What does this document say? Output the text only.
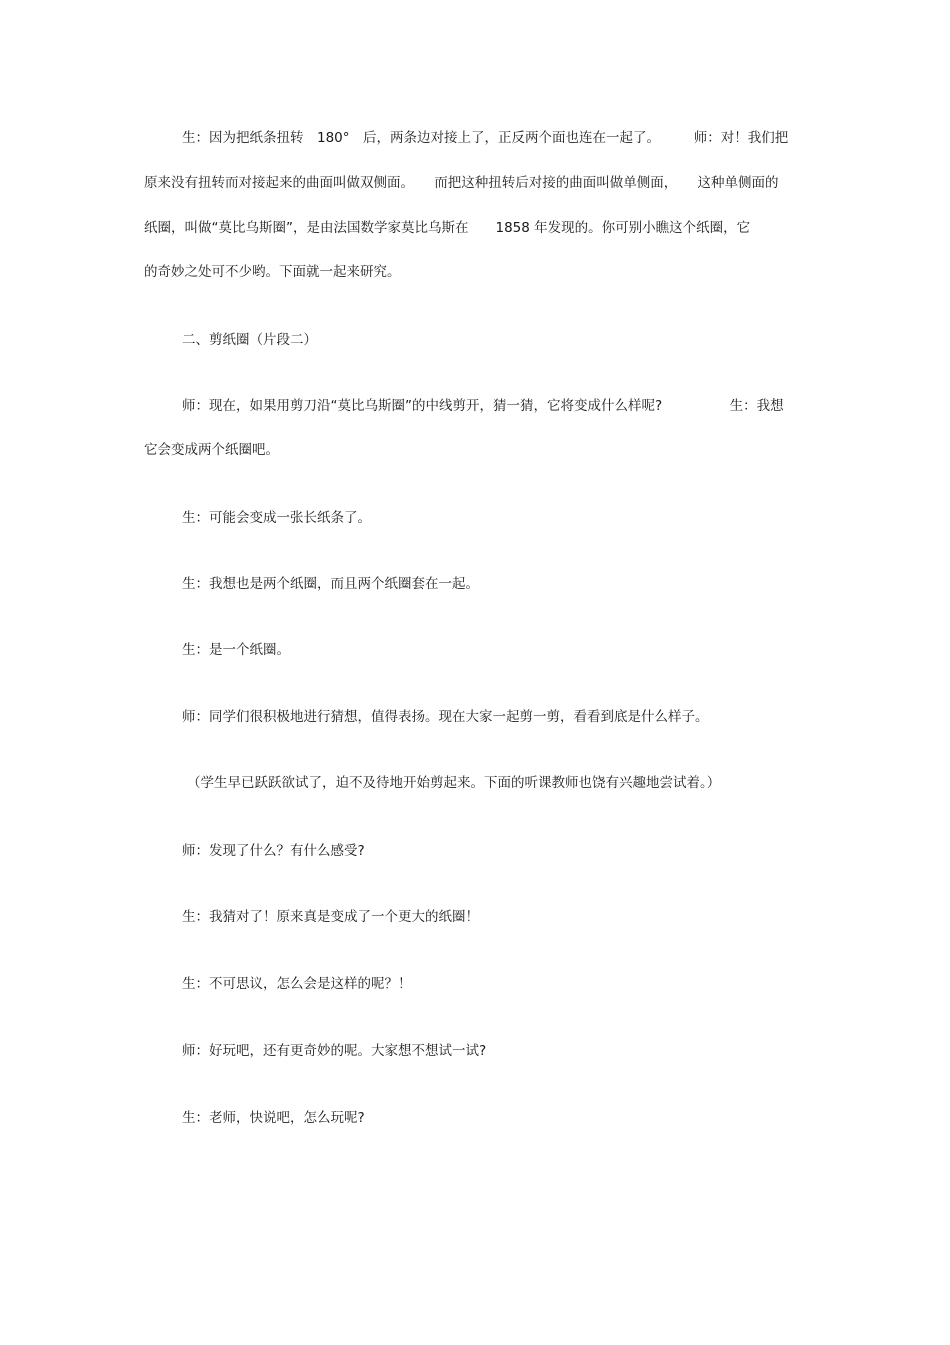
生：因为把纸条扭转　180°　后，两条边对接上了，正反两个面也连在一起了。　　　师：对！我们把
原来没有扭转而对接起来的曲面叫做双侧面。　　而把这种扭转后对接的曲面叫做单侧面，　　这种单侧面的
纸圈，叫做“莫比乌斯圈”，是由法国数学家莫比乌斯在　　1858 年发现的。你可别小瞧这个纸圈，它
的奇妙之处可不少哟。下面就一起来研究。
二、剪纸圈（片段二）
师：现在，如果用剪刀沿“莫比乌斯圈”的中线剪开，猜一猜，它将变成什么样呢?　　　　　生：我想
它会变成两个纸圈吧。
生：可能会变成一张长纸条了。
生：我想也是两个纸圈，而且两个纸圈套在一起。
生：是一个纸圈。
师：同学们很积极地进行猜想，值得表扬。现在大家一起剪一剪，看看到底是什么样子。
（学生早已跃跃欲试了，迫不及待地开始剪起来。下面的听课教师也饶有兴趣地尝试着。）
师：发现了什么？有什么感受?
生：我猜对了！原来真是变成了一个更大的纸圈！
生：不可思议，怎么会是这样的呢？！
师：好玩吧，还有更奇妙的呢。大家想不想试一试?
生：老师，快说吧，怎么玩呢?
